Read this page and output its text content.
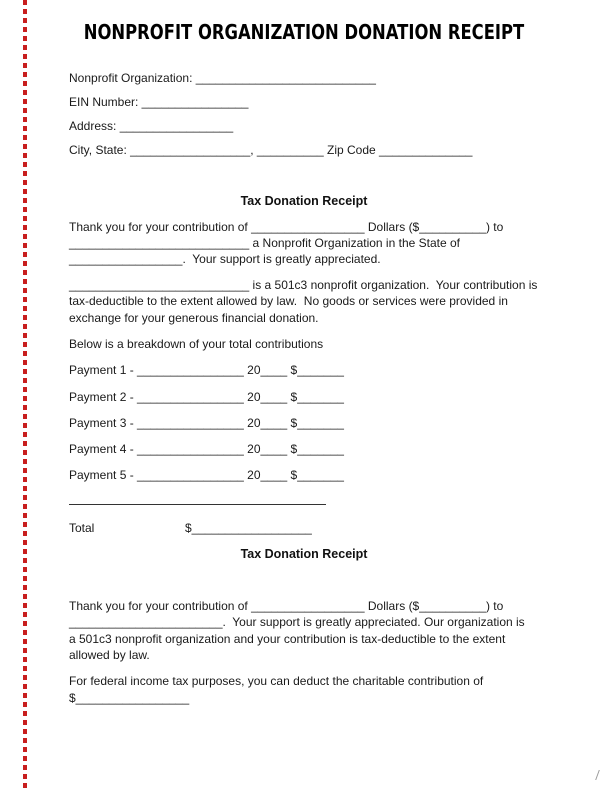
NONPROFIT ORGANIZATION DONATION RECEIPT
Nonprofit Organization: ___________________________
EIN Number: ________________
Address: _________________
City, State: __________________, __________ Zip Code ______________
Tax Donation Receipt
Thank you for your contribution of _________________ Dollars ($__________) to
___________________________ a Nonprofit Organization in the State of
_________________.  Your support is greatly appreciated.
___________________________ is a 501c3 nonprofit organization.  Your contribution is
tax-deductible to the extent allowed by law.  No goods or services were provided in
exchange for your generous financial donation.
Below is a breakdown of your total contributions
Payment 1 - ________________ 20____ $_______
Payment 2 - ________________ 20____ $_______
Payment 3 - ________________ 20____ $_______
Payment 4 - ________________ 20____ $_______
Payment 5 - ________________ 20____ $_______
Total	$__________________
Tax Donation Receipt
Thank you for your contribution of _________________ Dollars ($__________) to
_______________________.  Your support is greatly appreciated. Our organization is
a 501c3 nonprofit organization and your contribution is tax-deductible to the extent
allowed by law.
For federal income tax purposes, you can deduct the charitable contribution of
$_________________
